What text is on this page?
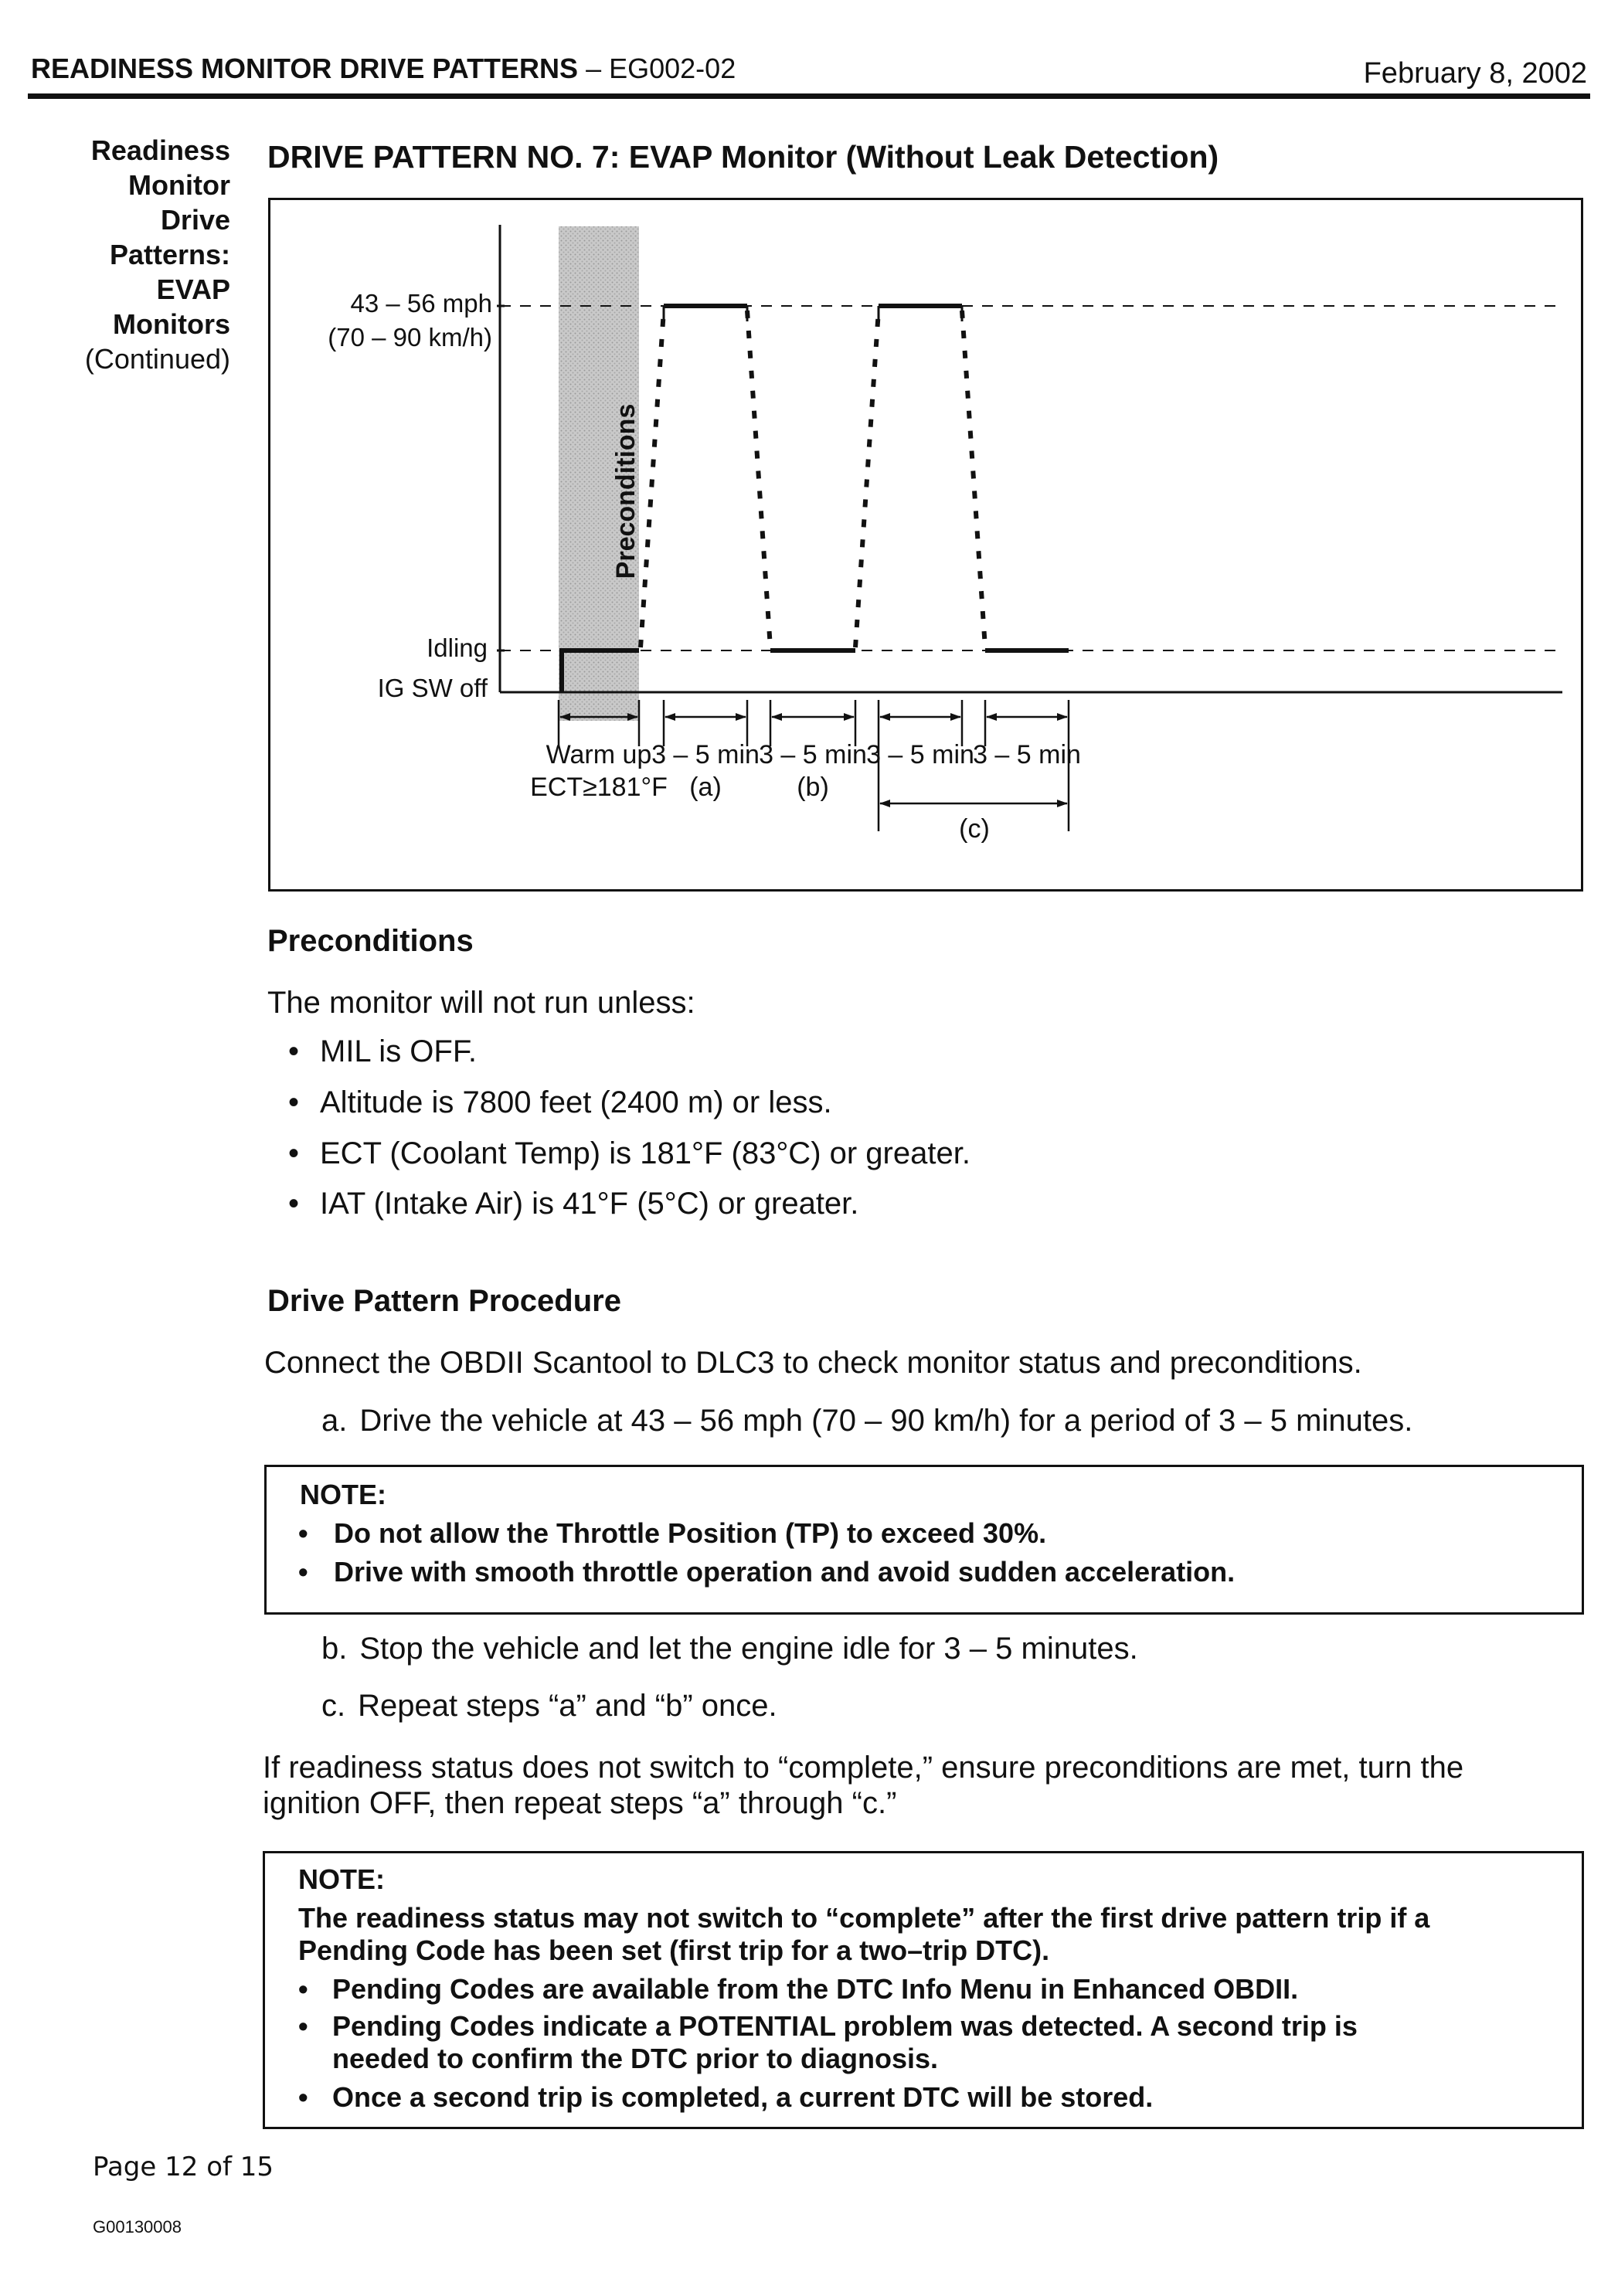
READINESS MONITOR DRIVE PATTERNS – EG002-02	February 8, 2002
Readiness
Monitor
Drive
Patterns:
EVAP
Monitors
(Continued)
DRIVE PATTERN NO. 7: EVAP Monitor (Without Leak Detection)
Preconditions
43 – 56 mph
(70 – 90 km/h)
Idling
IG SW off
Warm up
ECT≥181°F
3 – 5 min
(a)
3 – 5 min
(b)
3 – 5 min
3 – 5 min
(c)
Preconditions
The monitor will not run unless:
• MIL is OFF.
• Altitude is 7800 feet (2400 m) or less.
• ECT (Coolant Temp) is 181°F (83°C) or greater.
• IAT (Intake Air) is 41°F (5°C) or greater.
Drive Pattern Procedure
Connect the OBDII Scantool to DLC3 to check monitor status and preconditions.
a. Drive the vehicle at 43 – 56 mph (70 – 90 km/h) for a period of 3 – 5 minutes.
NOTE:
• Do not allow the Throttle Position (TP) to exceed 30%.
• Drive with smooth throttle operation and avoid sudden acceleration.
b. Stop the vehicle and let the engine idle for 3 – 5 minutes.
c. Repeat steps “a” and “b” once.
If readiness status does not switch to “complete,” ensure preconditions are met, turn the
ignition OFF, then repeat steps “a” through “c.”
NOTE:
The readiness status may not switch to “complete” after the first drive pattern trip if a
Pending Code has been set (first trip for a two–trip DTC).
• Pending Codes are available from the DTC Info Menu in Enhanced OBDII.
• Pending Codes indicate a POTENTIAL problem was detected. A second trip is
needed to confirm the DTC prior to diagnosis.
• Once a second trip is completed, a current DTC will be stored.
Page 12 of 15
G00130008
